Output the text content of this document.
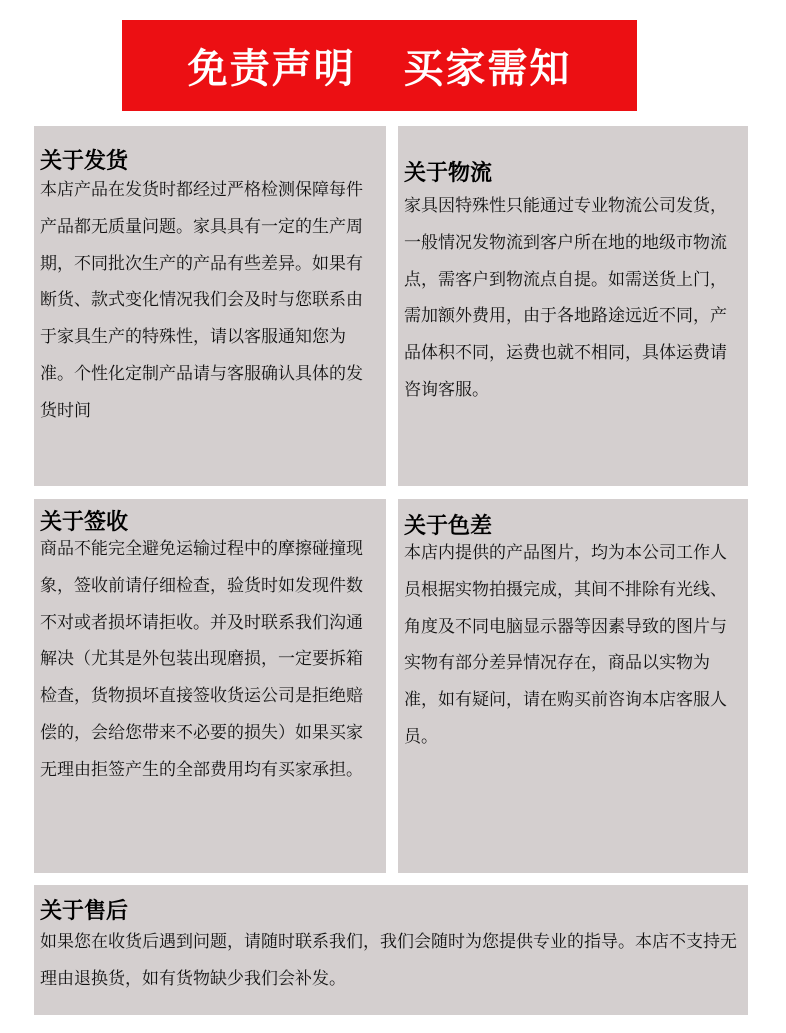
免责声明   买家需知
关于发货
本店产品在发货时都经过严格检测保障每件产品都无质量问题。家具具有一定的生产周期，不同批次生产的产品有些差异。如果有断货、款式变化情况我们会及时与您联系由于家具生产的特殊性，请以客服通知您为准。个性化定制产品请与客服确认具体的发货时间
关于物流
家具因特殊性只能通过专业物流公司发货，一般情况发物流到客户所在地的地级市物流点，需客户到物流点自提。如需送货上门，需加额外费用，由于各地路途远近不同，产品体积不同，运费也就不相同，具体运费请咨询客服。
关于签收
商品不能完全避免运输过程中的摩擦碰撞现象，签收前请仔细检查，验货时如发现件数不对或者损坏请拒收。并及时联系我们沟通解决（尤其是外包装出现磨损，一定要拆箱检查，货物损坏直接签收货运公司是拒绝赔偿的，会给您带来不必要的损失）如果买家无理由拒签产生的全部费用均有买家承担。
关于色差
本店内提供的产品图片，均为本公司工作人员根据实物拍摄完成，其间不排除有光线、角度及不同电脑显示器等因素导致的图片与实物有部分差异情况存在，商品以实物为准，如有疑问，请在购买前咨询本店客服人员。
关于售后
如果您在收货后遇到问题，请随时联系我们，我们会随时为您提供专业的指导。本店不支持无理由退换货，如有货物缺少我们会补发。
